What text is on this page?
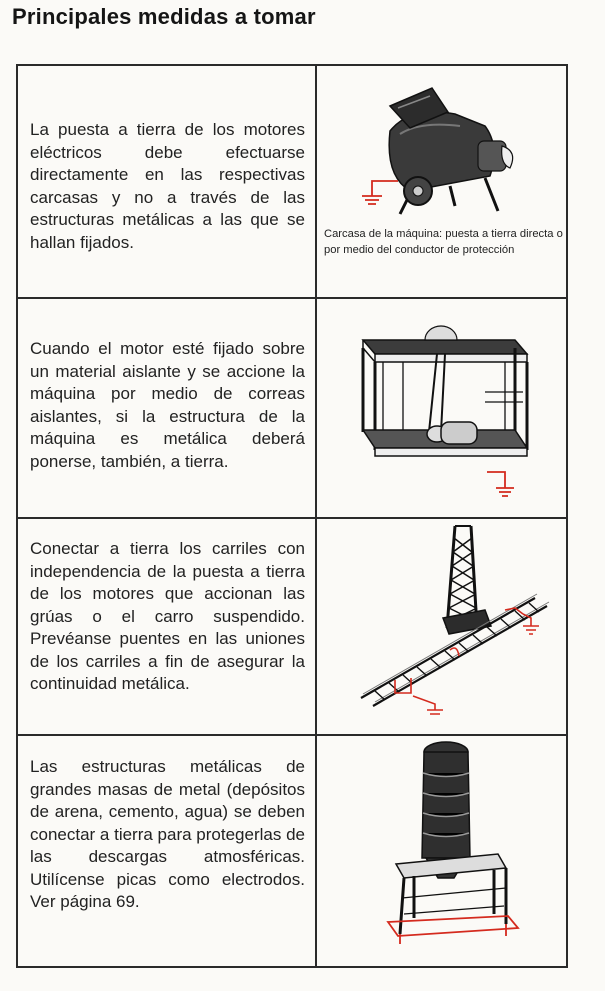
Principales medidas a tomar
La puesta a tierra de los motores eléctricos debe efectuarse directamente en las respectivas carcasas y no a través de las estructuras metálicas a las que se hallan fijados.	Carcasa de la máquina: puesta a tierra directa o por medio del conductor de protección
Cuando el motor esté fijado sobre un material aislante y se accione la máquina por medio de correas aislantes, si la estructura de la máquina es metálica deberá ponerse, también, a tierra.
Conectar a tierra los carriles con independencia de la puesta a tierra de los motores que accionan las grúas o el carro suspendido. Prevéanse puentes en las uniones de los carriles a fin de asegurar la continuidad metálica.
Las estructuras metálicas de grandes masas de metal (depósitos de arena, cemento, agua) se deben conectar a tierra para protegerlas de las descargas atmosféricas. Utilícense picas como electrodos. Ver página 69.
